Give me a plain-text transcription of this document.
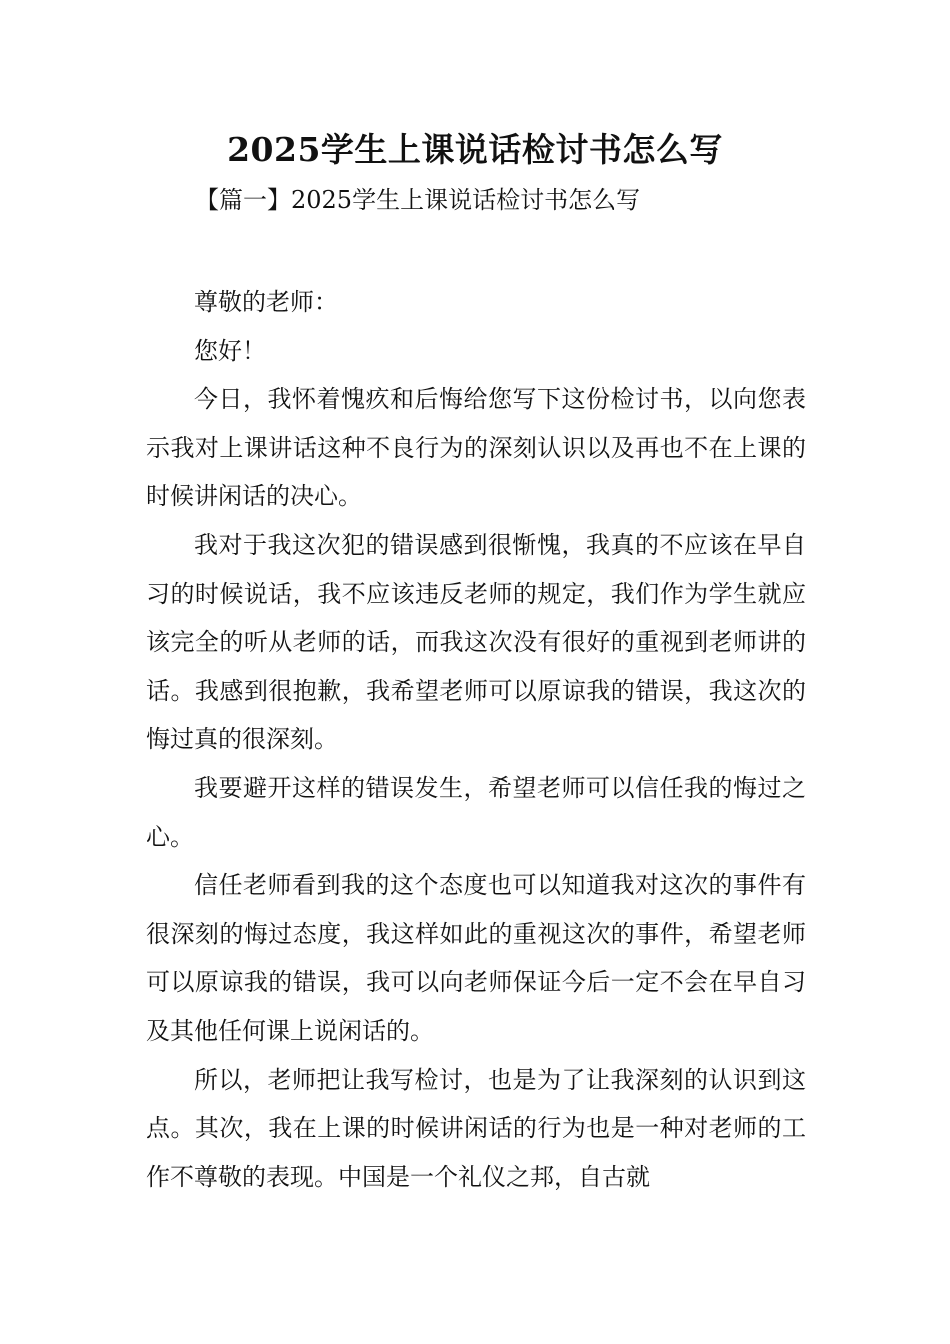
2025学生上课说话检讨书怎么写
【篇一】2025学生上课说话检讨书怎么写

尊敬的老师：

您好！

今日，我怀着愧疚和后悔给您写下这份检讨书，以向您表示我对上课讲话这种不良行为的深刻认识以及再也不在上课的时候讲闲话的决心。

我对于我这次犯的错误感到很惭愧，我真的不应该在早自习的时候说话，我不应该违反老师的规定，我们作为学生就应该完全的听从老师的话，而我这次没有很好的重视到老师讲的话。我感到很抱歉，我希望老师可以原谅我的错误，我这次的悔过真的很深刻。

我要避开这样的错误发生，希望老师可以信任我的悔过之心。

信任老师看到我的这个态度也可以知道我对这次的事件有很深刻的悔过态度，我这样如此的重视这次的事件，希望老师可以原谅我的错误，我可以向老师保证今后一定不会在早自习及其他任何课上说闲话的。

所以，老师把让我写检讨，也是为了让我深刻的认识到这点。其次，我在上课的时候讲闲话的行为也是一种对老师的工作不尊敬的表现。中国是一个礼仪之邦，自古就
